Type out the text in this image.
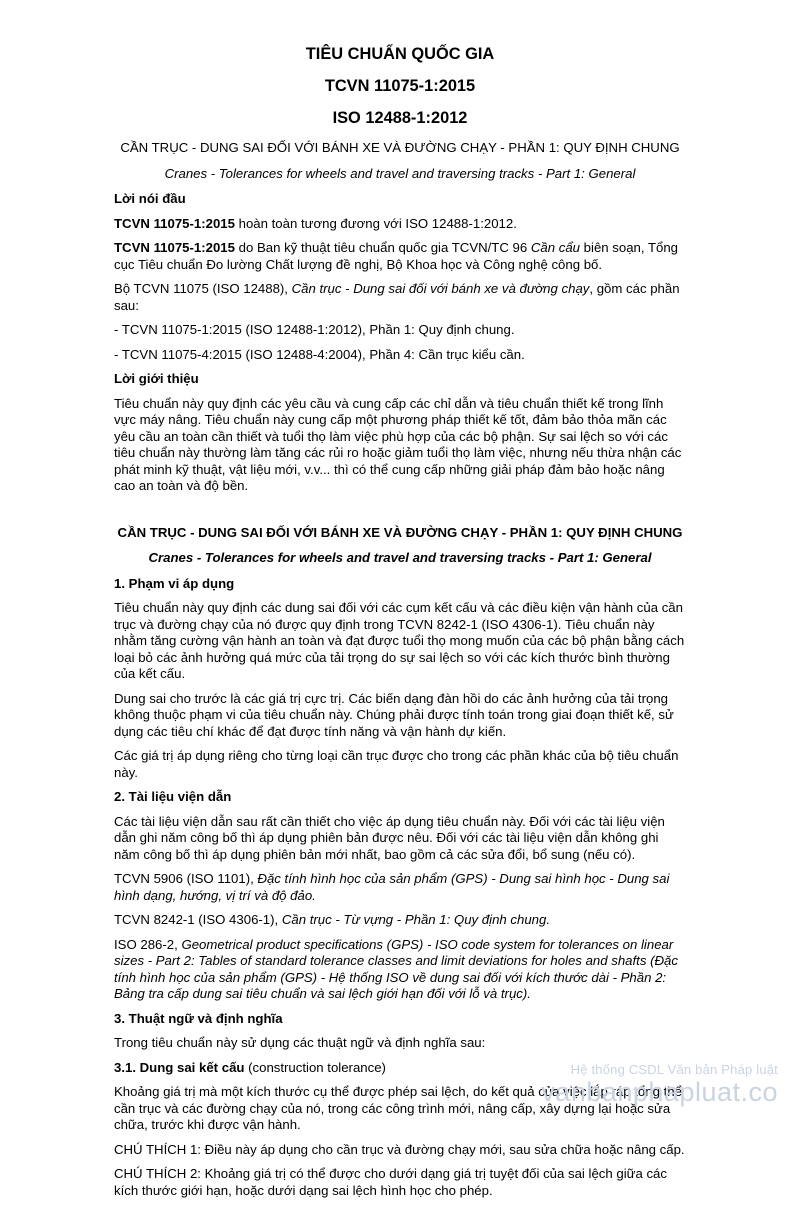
TIÊU CHUẨN QUỐC GIA
TCVN 11075-1:2015
ISO 12488-1:2012
CẦN TRỤC - DUNG SAI ĐỐI VỚI BÁNH XE VÀ ĐƯỜNG CHẠY - PHẦN 1: QUY ĐỊNH CHUNG
Cranes - Tolerances for wheels and travel and traversing tracks - Part 1: General
Lời nói đầu

TCVN 11075-1:2015 hoàn toàn tương đương với ISO 12488-1:2012.

TCVN 11075-1:2015 do Ban kỹ thuật tiêu chuẩn quốc gia TCVN/TC 96 Cần cẩu biên soạn, Tổng cục Tiêu chuẩn Đo lường Chất lượng đề nghị, Bộ Khoa học và Công nghệ công bố.

Bộ TCVN 11075 (ISO 12488), Cần trục - Dung sai đối với bánh xe và đường chạy, gồm các phần sau:

- TCVN 11075-1:2015 (ISO 12488-1:2012), Phần 1: Quy định chung.

- TCVN 11075-4:2015 (ISO 12488-4:2004), Phần 4: Cần trục kiểu cần.

Lời giới thiệu

Tiêu chuẩn này quy định các yêu cầu và cung cấp các chỉ dẫn và tiêu chuẩn thiết kế trong lĩnh vực máy nâng. Tiêu chuẩn này cung cấp một phương pháp thiết kế tốt, đảm bảo thỏa mãn các yêu cầu an toàn cần thiết và tuổi thọ làm việc phù hợp của các bộ phận. Sự sai lệch so với các tiêu chuẩn này thường làm tăng các rủi ro hoặc giảm tuổi thọ làm việc, nhưng nếu thừa nhận các phát minh kỹ thuật, vật liệu mới, v.v... thì có thể cung cấp những giải pháp đảm bảo hoặc nâng cao an toàn và độ bền.

CẦN TRỤC - DUNG SAI ĐỐI VỚI BÁNH XE VÀ ĐƯỜNG CHẠY - PHẦN 1: QUY ĐỊNH CHUNG
Cranes - Tolerances for wheels and travel and traversing tracks - Part 1: General
1. Phạm vi áp dụng

Tiêu chuẩn này quy định các dung sai đối với các cụm kết cấu và các điều kiện vận hành của cần trục và đường chạy của nó được quy định trong TCVN 8242-1 (ISO 4306-1). Tiêu chuẩn này nhằm tăng cường vận hành an toàn và đạt được tuổi thọ mong muốn của các bộ phận bằng cách loại bỏ các ảnh hưởng quá mức của tải trọng do sự sai lệch so với các kích thước bình thường của kết cấu.

Dung sai cho trước là các giá trị cực trị. Các biến dạng đàn hồi do các ảnh hưởng của tải trọng không thuộc phạm vi của tiêu chuẩn này. Chúng phải được tính toán trong giai đoạn thiết kế, sử dụng các tiêu chí khác để đạt được tính năng và vận hành dự kiến.

Các giá trị áp dụng riêng cho từng loại cần trục được cho trong các phần khác của bộ tiêu chuẩn này.

2. Tài liệu viện dẫn

Các tài liệu viện dẫn sau rất cần thiết cho việc áp dụng tiêu chuẩn này. Đối với các tài liệu viện dẫn ghi năm công bố thì áp dụng phiên bản được nêu. Đối với các tài liệu viện dẫn không ghi năm công bố thì áp dụng phiên bản mới nhất, bao gồm cả các sửa đổi, bổ sung (nếu có).

TCVN 5906 (ISO 1101), Đặc tính hình học của sản phẩm (GPS) - Dung sai hình học - Dung sai hình dạng, hướng, vị trí và độ đảo.

TCVN 8242-1 (ISO 4306-1), Cần trục - Từ vựng - Phần 1: Quy định chung.

ISO 286-2, Geometrical product specifications (GPS) - ISO code system for tolerances on linear sizes - Part 2: Tables of standard tolerance classes and limit deviations for holes and shafts (Đặc tính hình học của sản phẩm (GPS) - Hệ thống ISO về dung sai đối với kích thước dài - Phần 2: Bảng tra cấp dung sai tiêu chuẩn và sai lệch giới hạn đối với lỗ và trục).

3. Thuật ngữ và định nghĩa

Trong tiêu chuẩn này sử dụng các thuật ngữ và định nghĩa sau:

3.1. Dung sai kết cấu (construction tolerance)

Khoảng giá trị mà một kích thước cụ thể được phép sai lệch, do kết quả của việc lắp ráp tổng thể cần trục và các đường chạy của nó, trong các công trình mới, nâng cấp, xây dựng lại hoặc sửa chữa, trước khi được vận hành.

CHÚ THÍCH 1: Điều này áp dụng cho cần trục và đường chạy mới, sau sửa chữa hoặc nâng cấp.

CHÚ THÍCH 2: Khoảng giá trị có thể được cho dưới dạng giá trị tuyệt đối của sai lệch giữa các kích thước giới hạn, hoặc dưới dạng sai lệch hình học cho phép.

Hệ thống CSDL Văn bản Pháp luật
vanbanphapluat.co
